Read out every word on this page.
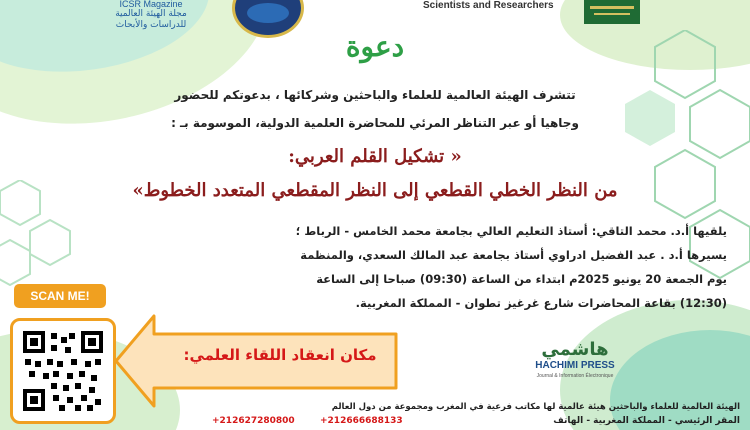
ICSR Magazine
مجلة الهيئة العالمية
للدراسات والأبحاث
Scientists and Researchers
دعوة
تتشرف الهيئة العالمية للعلماء والباحثين وشركائها ، بدعوتكم للحضور
وجاهيا أو عبر التناظر المرئي للمحاضرة العلمية الدولية، الموسومة بـ :
« تشكيل القلم العربي:
من النظر الخطي القطعي إلى النظر المقطعي المتعدد الخطوط»
يلقيها أ.د. محمد التاقي: أستاذ التعليم العالي بجامعة محمد الخامس - الرباط ؛
يسيرها أ.د . عبد الفضيل ادراوي أستاذ بجامعة عبد المالك السعدي، والمنظمة
يوم الجمعة 20 يونيو 2025م ابتداء من الساعة (09:30) صباحا إلى الساعة
(12:30) بقاعة المحاضرات شارع غرغيز تطوان - المملكة المغربية.
SCAN ME!
مكان انعقاد اللقاء العلمي:	هاشمي
HACHIMI PRESS
Journal & Information Électronique
الهيئة العالمية للعلماء والباحثين هيئة عالمية لها مكاتب فرعية في المغرب ومجموعة من دول العالم
+212627280800	+212666688133	المقر الرئيسي - المملكة المغربية - الهاتف
